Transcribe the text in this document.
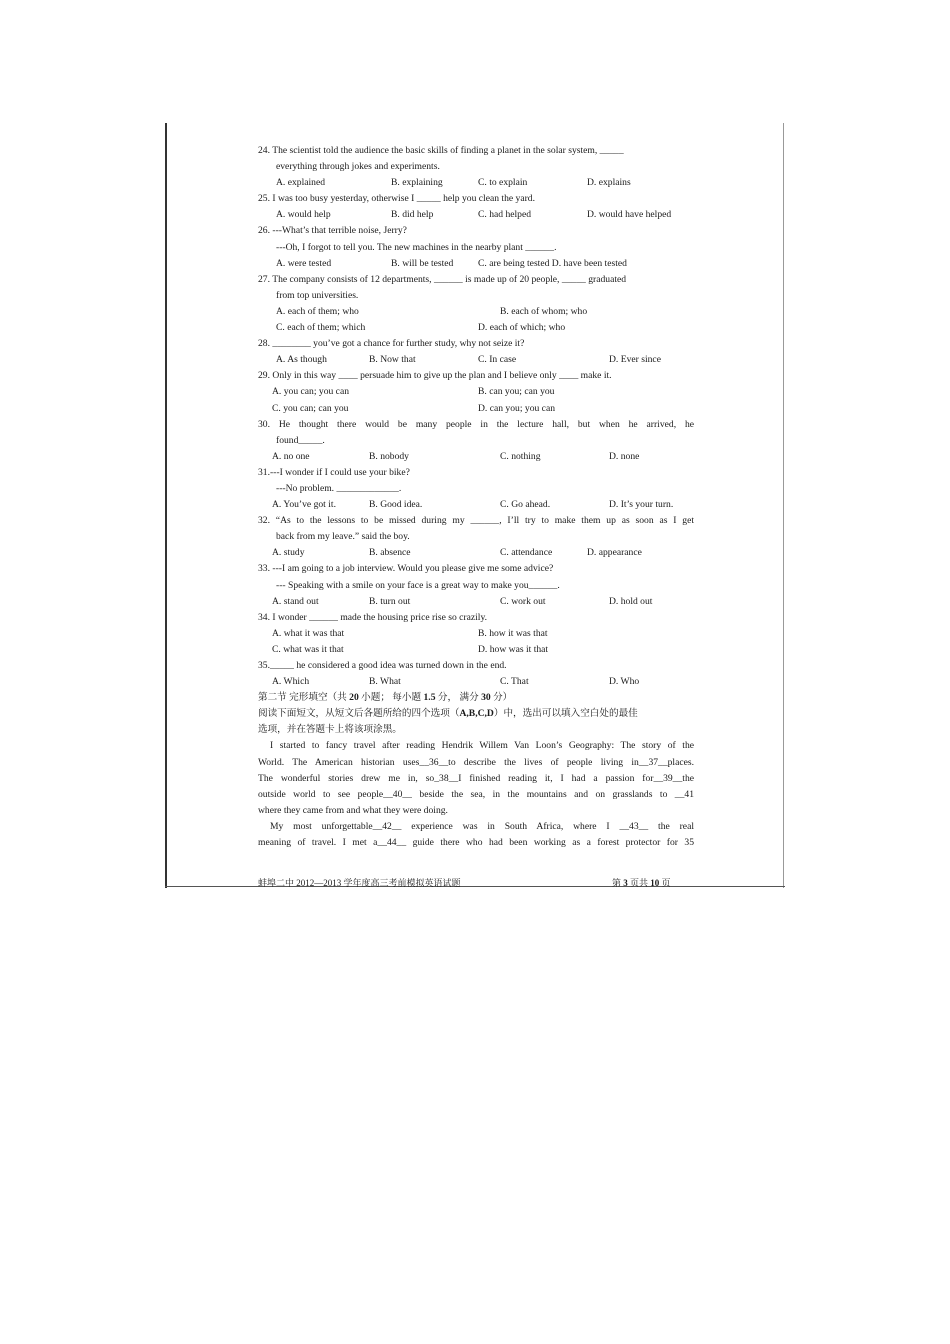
24. The scientist told the audience the basic skills of finding a planet in the solar system, _____
everything through jokes and experiments.
A. explained	B. explaining	C. to explain	D. explains
25. I was too busy yesterday, otherwise I _____ help you clean the yard.
A. would help	B. did help	C. had helped	D. would have helped
26. ---What’s that terrible noise, Jerry?
---Oh, I forgot to tell you. The new machines in the nearby plant ______.
A. were tested	B. will be tested	C. are being tested D. have been tested
27. The company consists of 12 departments, ______ is made up of 20 people, _____ graduated
from top universities.
A. each of them; who	B. each of whom; who
C. each of them; which	D. each of which; who
28. ________ you’ve got a chance for further study, why not seize it?
A. As though	B. Now that	C. In case	D. Ever since
29. Only in this way ____ persuade him to give up the plan and I believe only ____ make it.
A. you can; you can	B. can you; can you
C. you can; can you	D. can you; you can
30. He thought there would be many people in the lecture hall, but when he arrived, he
found_____.
A. no one	B. nobody	C. nothing	D. none
31.---I wonder if I could use your bike?
---No problem. _____________.
A. You’ve got it.	B. Good idea.	C. Go ahead.	D. It’s your turn.
32. “As to the lessons to be missed during my ______, I’ll try to make them up as soon as I get
back from my leave.” said the boy.
A. study	B. absence	C. attendance	D. appearance
33. ---I am going to a job interview. Would you please give me some advice?
--- Speaking with a smile on your face is a great way to make you______.
A. stand out	B. turn out	C. work out	D. hold out
34. I wonder ______ made the housing price rise so crazily.
A. what it was that	B. how it was that
C. what was it that	D. how was it that
35._____ he considered a good idea was turned down in the end.
A. Which	B. What	C. That	D. Who
第二节 完形填空（共 20 小题； 每小题 1.5 分， 满分 30 分）
阅读下面短文，从短文后各题所给的四个选项（A,B,C,D）中，选出可以填入空白处的最佳
选项，并在答题卡上将该项涂黑。
I started to fancy travel after reading Hendrik Willem Van Loon’s Geography: The story of the
World. The American historian uses__36__to describe the lives of people living in__37__places.
The wonderful stories drew me in, so_38__I finished reading it, I had a passion for__39__the
outside world to see people__40__ beside the sea, in the mountains and on grasslands to __41
where they came from and what they were doing.
My most unforgettable__42__ experience was in South Africa, where I __43__ the real
meaning of travel. I met a__44__ guide there who had been working as a forest protector for 35
蚌埠二中 2012—2013 学年度高三考前模拟英语试题	第 3 页共 10 页
